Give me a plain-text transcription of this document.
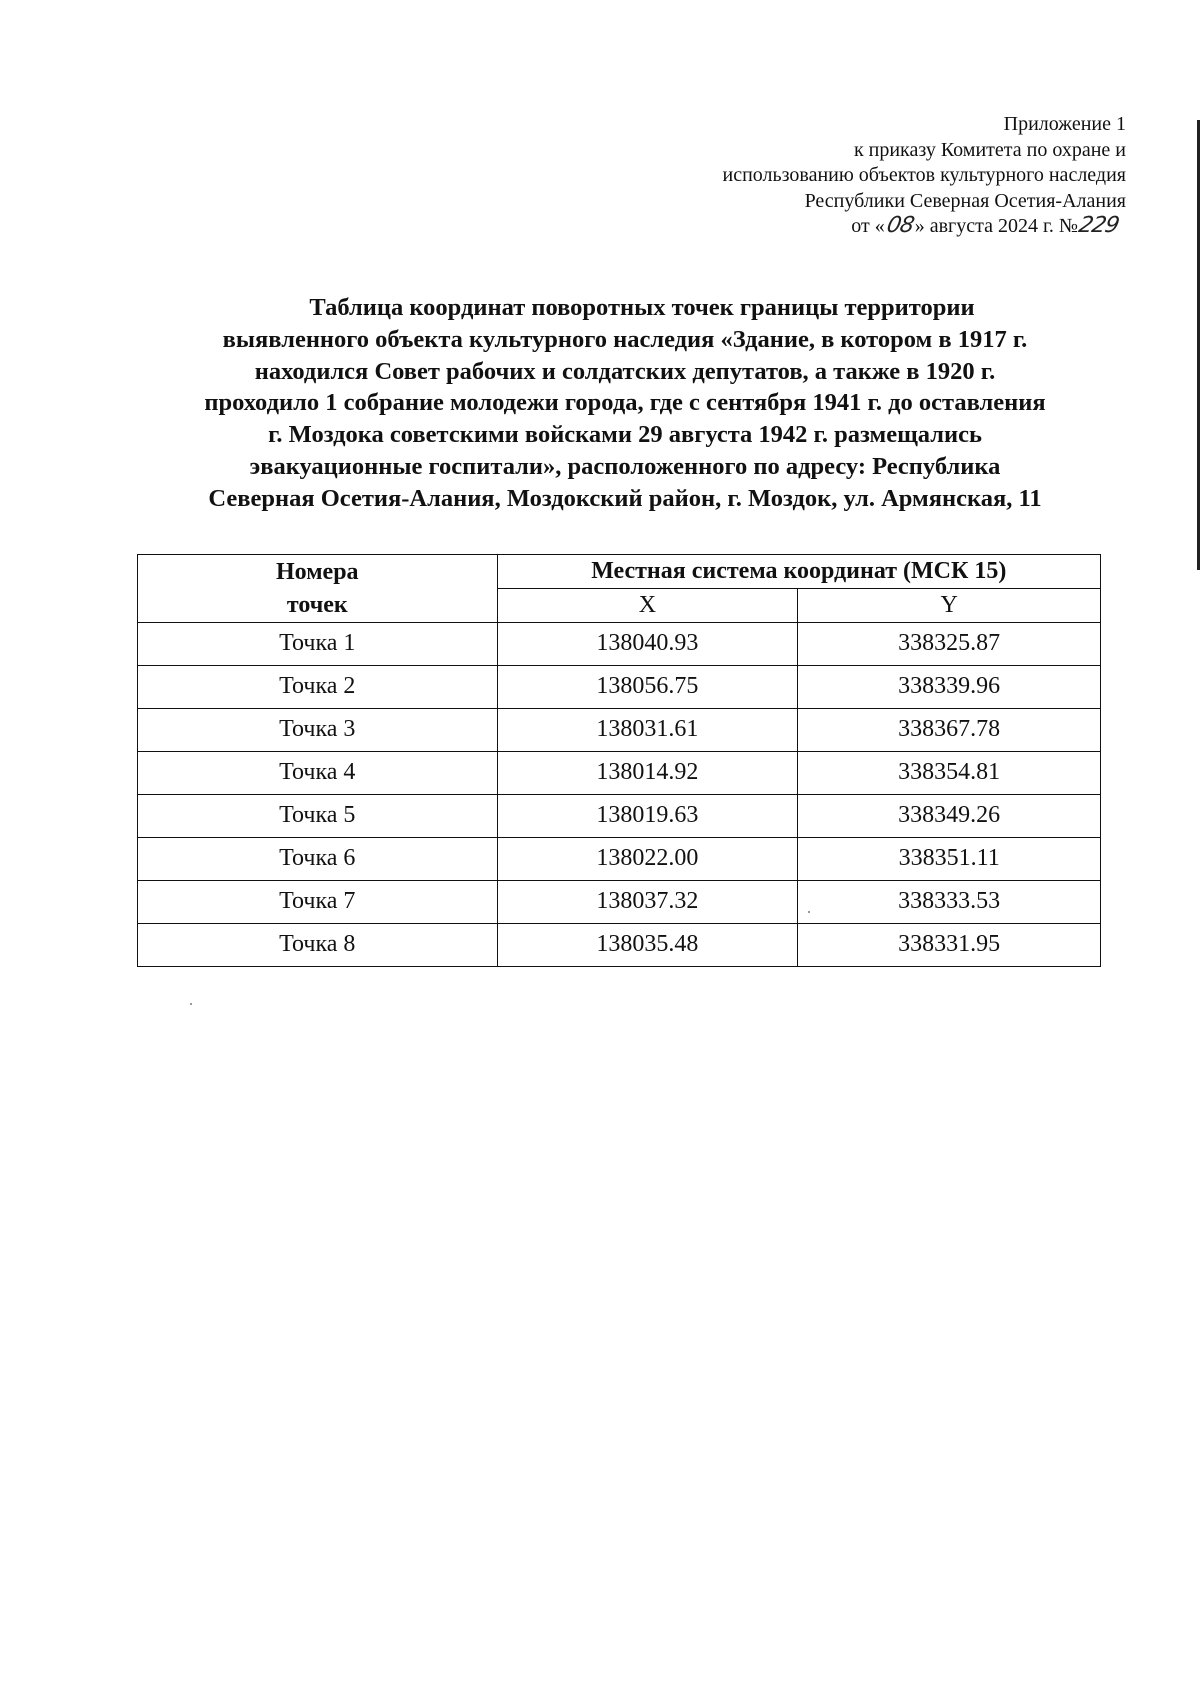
Приложение 1
к приказу Комитета по охране и
использованию объектов культурного наследия
Республики Северная Осетия-Алания
от «08» августа 2024 г. №229
Таблица координат поворотных точек границы территории
выявленного объекта культурного наследия «Здание, в котором в 1917 г.
находился Совет рабочих и солдатских депутатов, а также в 1920 г.
проходило 1 собрание молодежи города, где с сентября 1941 г. до оставления
г. Моздока советскими войсками 29 августа 1942 г. размещались
эвакуационные госпитали», расположенного по адресу: Республика
Северная Осетия-Алания, Моздокский район, г. Моздок, ул. Армянская, 11
Номера
точек	Местная система координат (МСК 15)	
	X	Y
Точка 1	138040.93	338325.87
Точка 2	138056.75	338339.96
Точка 3	138031.61	338367.78
Точка 4	138014.92	338354.81
Точка 5	138019.63	338349.26
Точка 6	138022.00	338351.11
Точка 7	138037.32	338333.53
Точка 8	138035.48	338331.95
